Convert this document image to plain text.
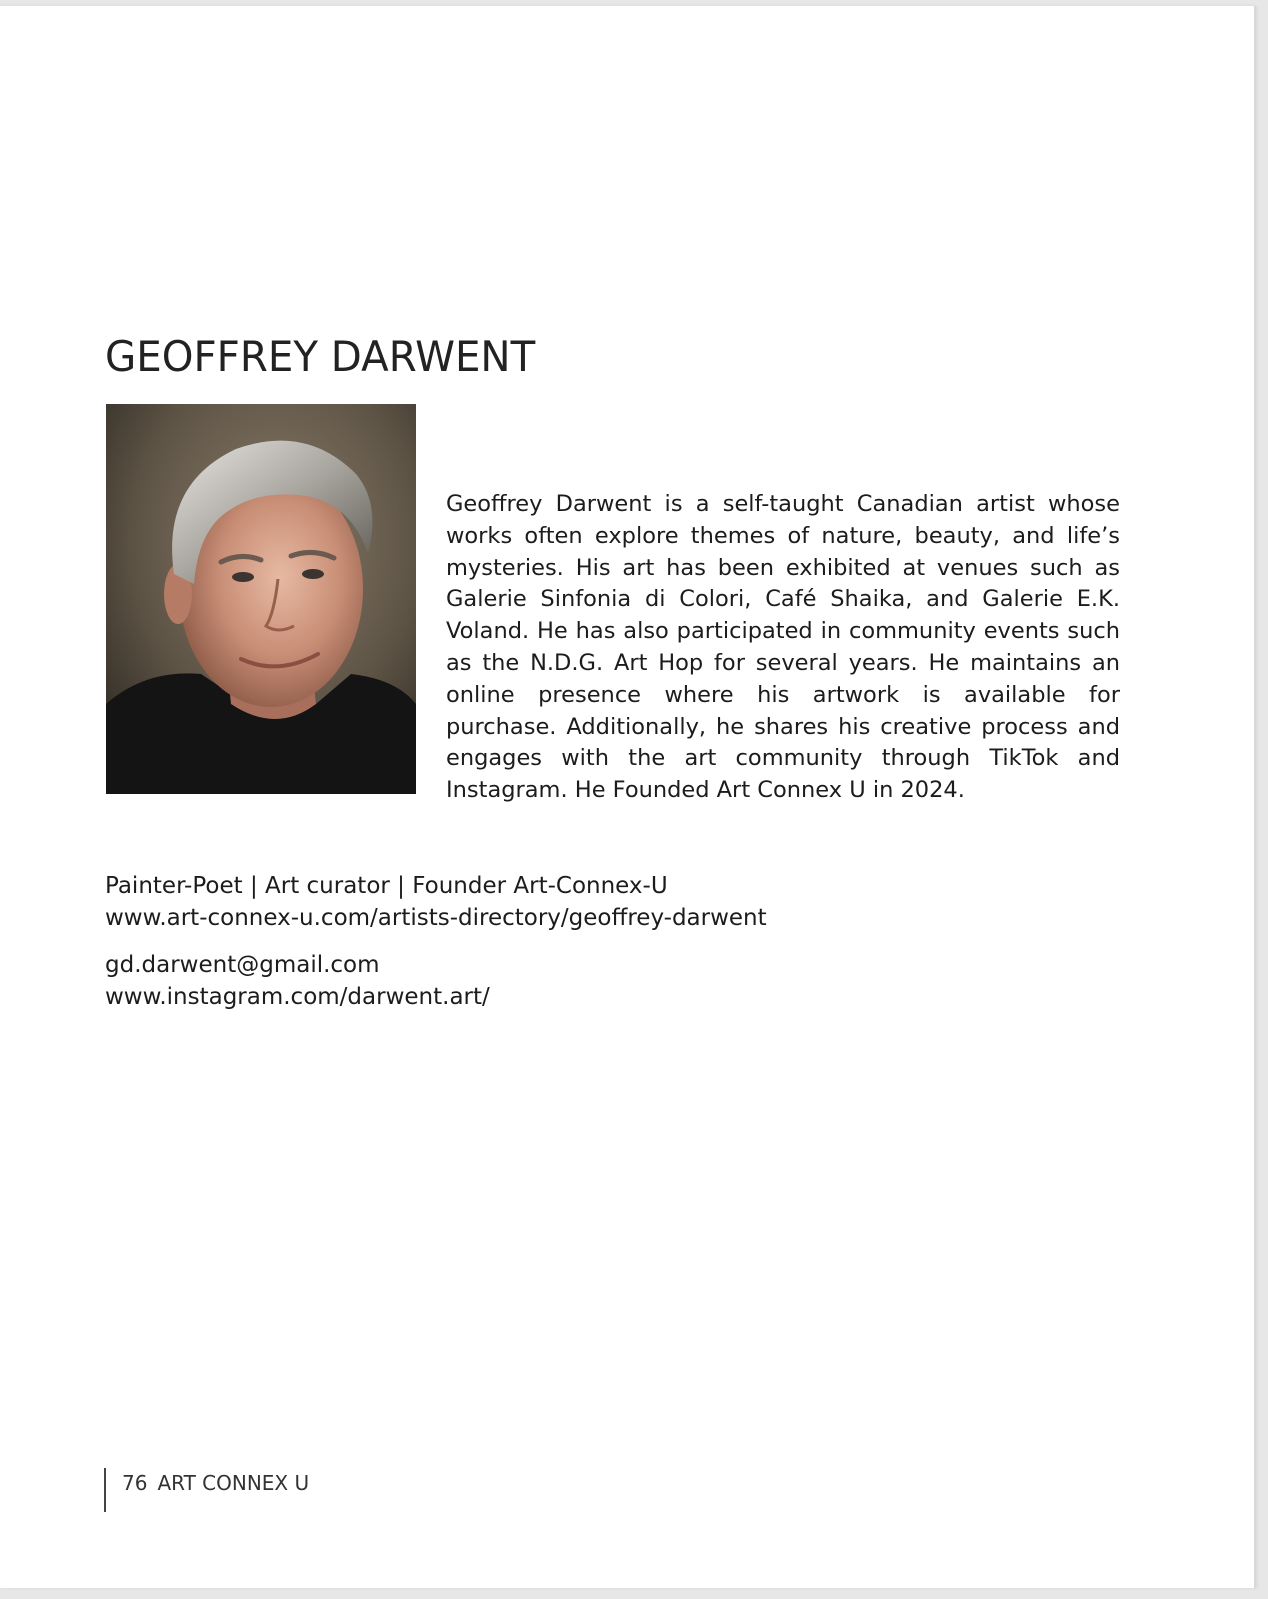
GEOFFREY DARWENT

Geoffrey Darwent is a self-taught Canadian artist whose works often explore themes of nature, beauty, and life’s mysteries. His art has been exhibited at venues such as Galerie Sinfonia di Colori, Café Shaika, and Galerie E.K. Voland. He has also participated in community events such as the N.D.G. Art Hop for several years. He maintains an online presence where his artwork is available for purchase. Additionally, he shares his creative process and engages with the art community through TikTok and Instagram. He Founded Art Connex U in 2024.

Painter-Poet | Art curator | Founder Art-Connex-U

www.art-connex-u.com/artists-directory/geoffrey-darwent

gd.darwent@gmail.com

www.instagram.com/darwent.art/

76 ART CONNEX U
